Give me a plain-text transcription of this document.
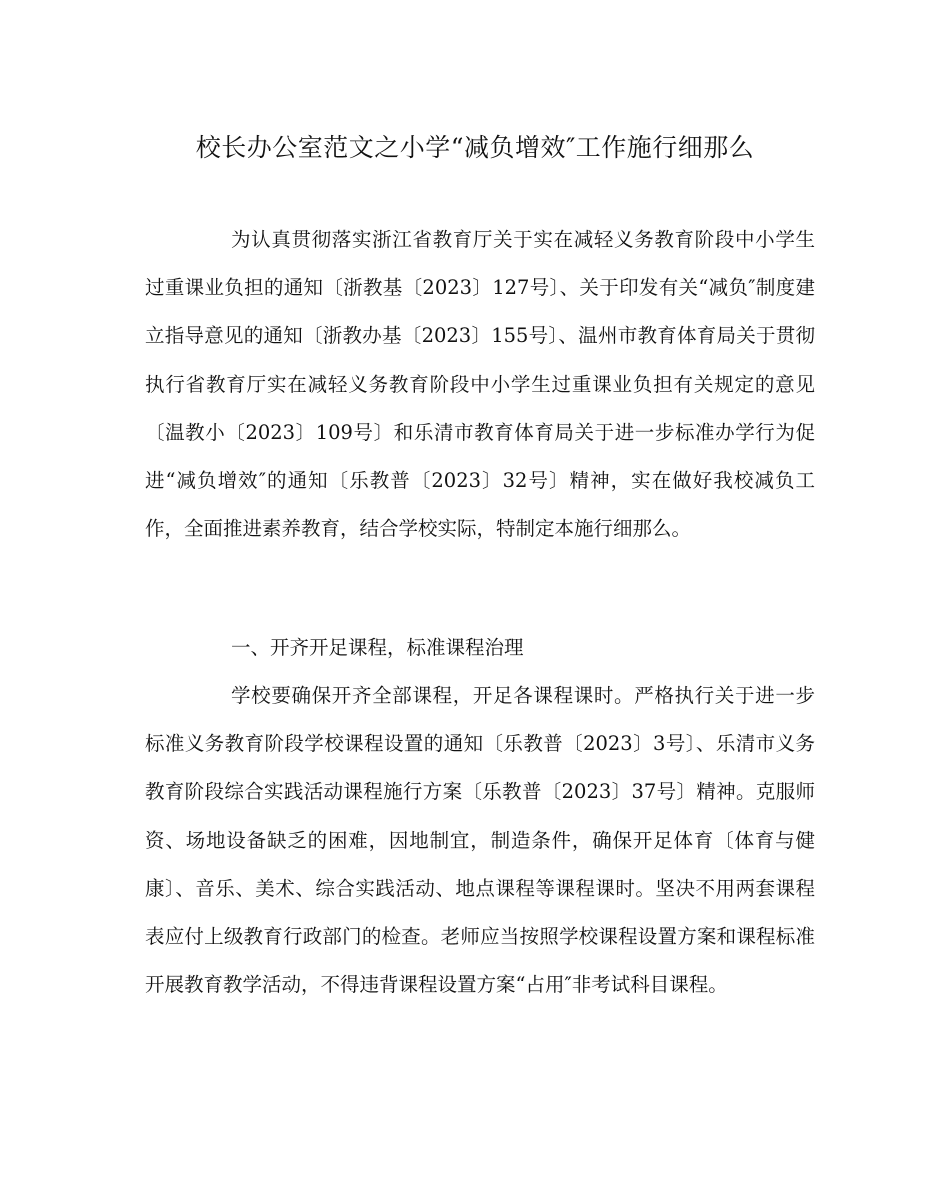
校长办公室范文之小学“减负增效″工作施行细那么
为认真贯彻落实浙江省教育厅关于实在减轻义务教育阶段中小学生过重课业负担的通知〔浙教基〔2023〕127号〕、关于印发有关“减负″制度建立指导意见的通知〔浙教办基〔2023〕155号〕、温州市教育体育局关于贯彻执行省教育厅实在减轻义务教育阶段中小学生过重课业负担有关规定的意见〔温教小〔2023〕109号〕和乐清市教育体育局关于进一步标准办学行为促进“减负增效″的通知〔乐教普〔2023〕32号〕精神，实在做好我校减负工作，全面推进素养教育，结合学校实际，特制定本施行细那么。
一、开齐开足课程，标准课程治理
学校要确保开齐全部课程，开足各课程课时。严格执行关于进一步标准义务教育阶段学校课程设置的通知〔乐教普〔2023〕3号〕、乐清市义务教育阶段综合实践活动课程施行方案〔乐教普〔2023〕37号〕精神。克服师资、场地设备缺乏的困难，因地制宜，制造条件，确保开足体育〔体育与健康〕、音乐、美术、综合实践活动、地点课程等课程课时。坚决不用两套课程表应付上级教育行政部门的检查。老师应当按照学校课程设置方案和课程标准开展教育教学活动，不得违背课程设置方案“占用″非考试科目课程。
